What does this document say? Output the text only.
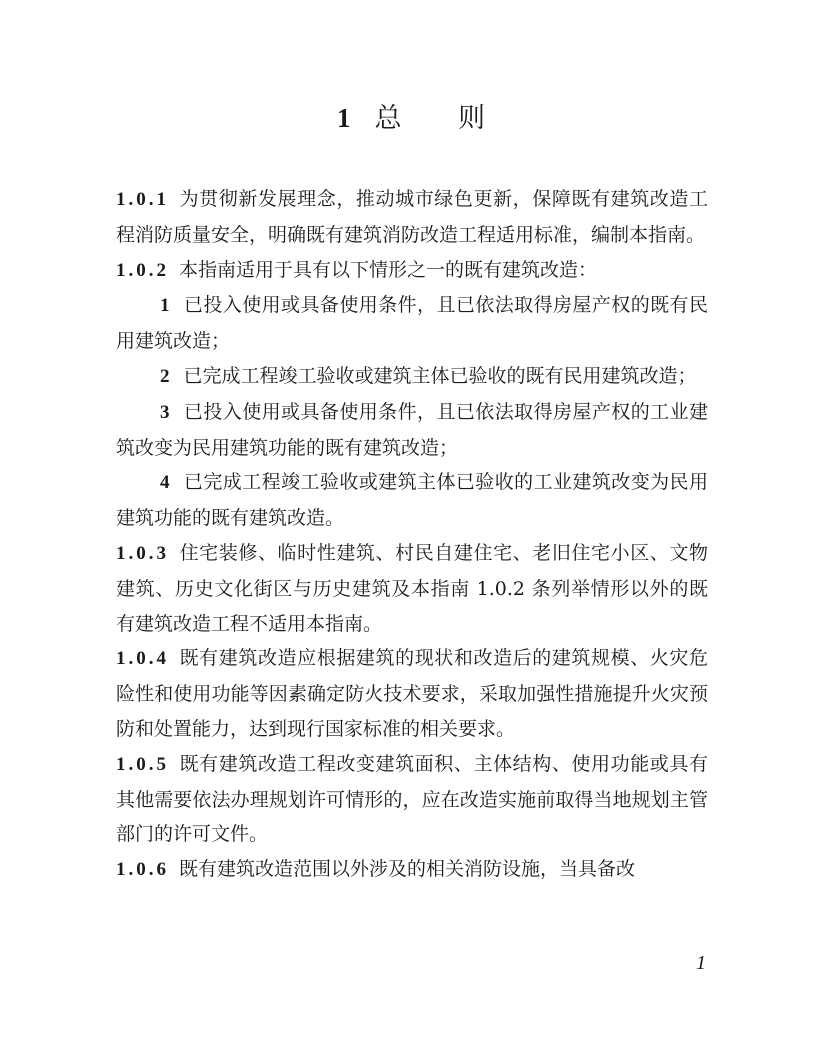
1 总 则

1.0.1 为贯彻新发展理念，推动城市绿色更新，保障既有建筑改造工程消防质量安全，明确既有建筑消防改造工程适用标准，编制本指南。

1.0.2 本指南适用于具有以下情形之一的既有建筑改造：

1 已投入使用或具备使用条件，且已依法取得房屋产权的既有民用建筑改造；

2 已完成工程竣工验收或建筑主体已验收的既有民用建筑改造；

3 已投入使用或具备使用条件，且已依法取得房屋产权的工业建筑改变为民用建筑功能的既有建筑改造；

4 已完成工程竣工验收或建筑主体已验收的工业建筑改变为民用建筑功能的既有建筑改造。

1.0.3 住宅装修、临时性建筑、村民自建住宅、老旧住宅小区、文物建筑、历史文化街区与历史建筑及本指南 1.0.2 条列举情形以外的既有建筑改造工程不适用本指南。

1.0.4 既有建筑改造应根据建筑的现状和改造后的建筑规模、火灾危险性和使用功能等因素确定防火技术要求，采取加强性措施提升火灾预防和处置能力，达到现行国家标准的相关要求。

1.0.5 既有建筑改造工程改变建筑面积、主体结构、使用功能或具有其他需要依法办理规划许可情形的，应在改造实施前取得当地规划主管部门的许可文件。

1.0.6 既有建筑改造范围以外涉及的相关消防设施，当具备改

1
